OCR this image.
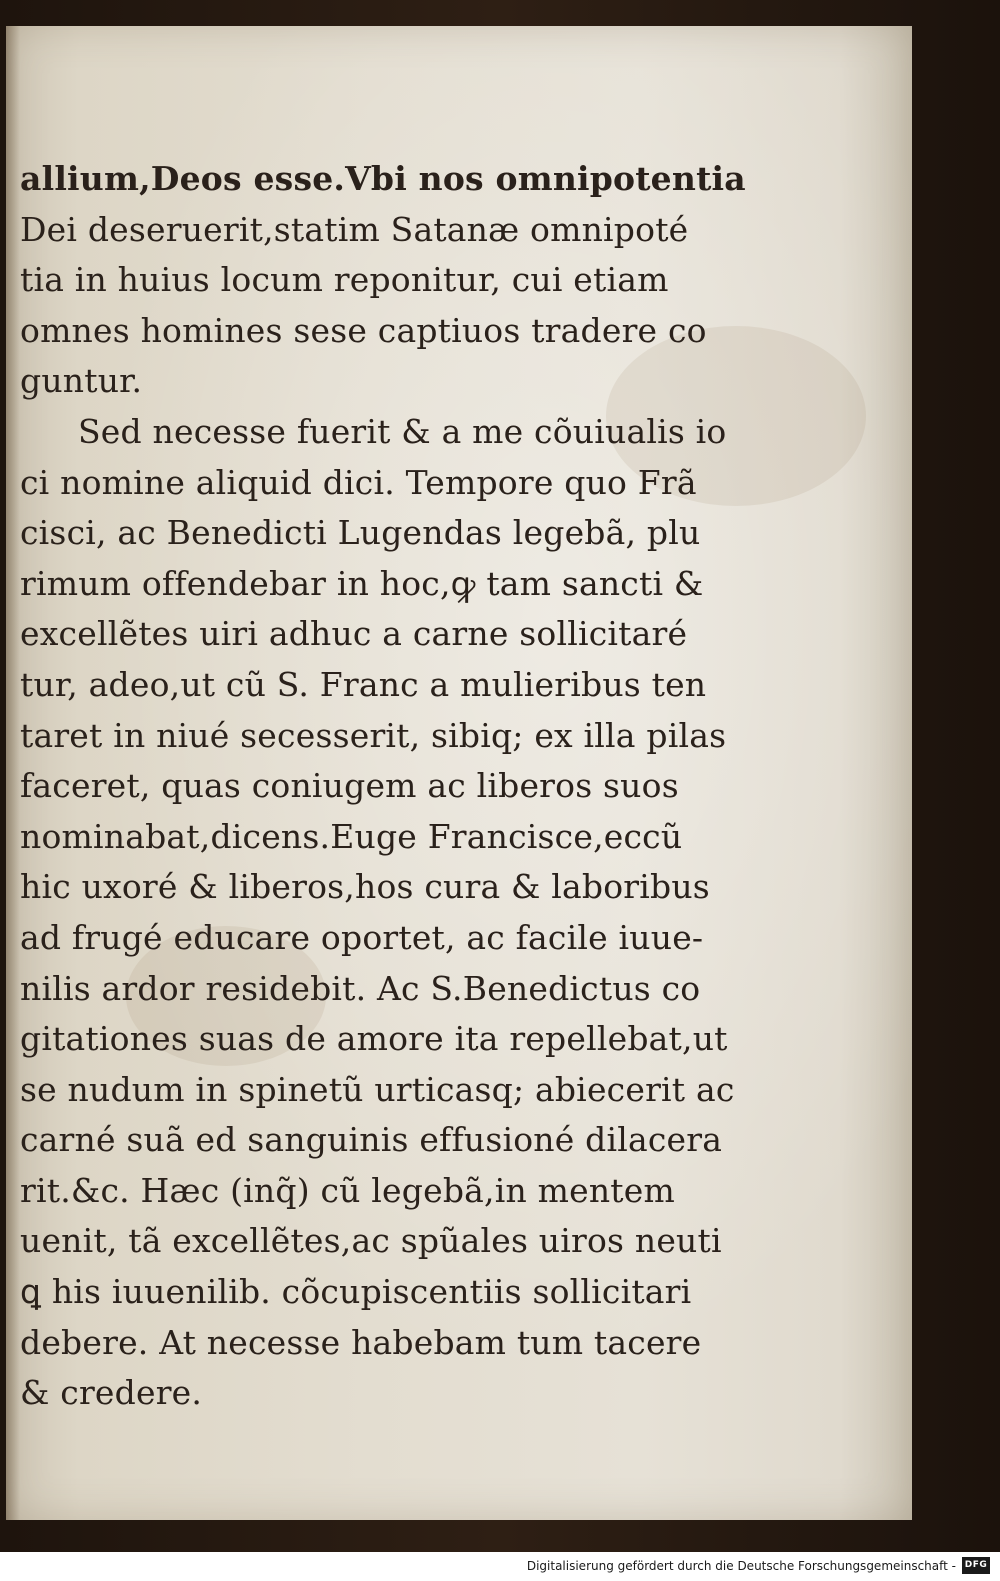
allium,Deos esse.Vbi nos omnipotentia
Dei deseruerit,statim Satanæ omnipoté
tia in huius locum reponitur, cui etiam
omnes homines sese captiuos tradere co
guntur.
Sed necesse fuerit & a me cõuiualis io
ci nomine aliquid dici. Tempore quo Frã
cisci, ac Benedicti Lugendas legebã, plu
rimum offendebar in hoc,ꝙ tam sancti &
excellẽtes uiri adhuc a carne sollicitaré
tur, adeo,ut cũ S. Franc a mulieribus ten
taret in niué secesserit, sibiq; ex illa pilas
faceret, quas coniugem ac liberos suos
nominabat,dicens.Euge Francisce,eccũ
hic uxoré & liberos,hos cura & laboribus
ad frugé educare oportet, ac facile iuue-
nilis ardor residebit. Ac S.Benedictus co
gitationes suas de amore ita repellebat,ut
se nudum in spinetũ urticasq; abiecerit ac
carné suã ed sanguinis effusioné dilacera
rit.&c. Hæc (inq̃) cũ legebã,in mentem
uenit, tã excellẽtes,ac spũales uiros neuti
ꝗ his iuuenilib. cõcupiscentiis sollicitari
debere. At necesse habebam tum tacere
& credere.
Digitalisierung gefördert durch die Deutsche Forschungsgemeinschaft - DFG
